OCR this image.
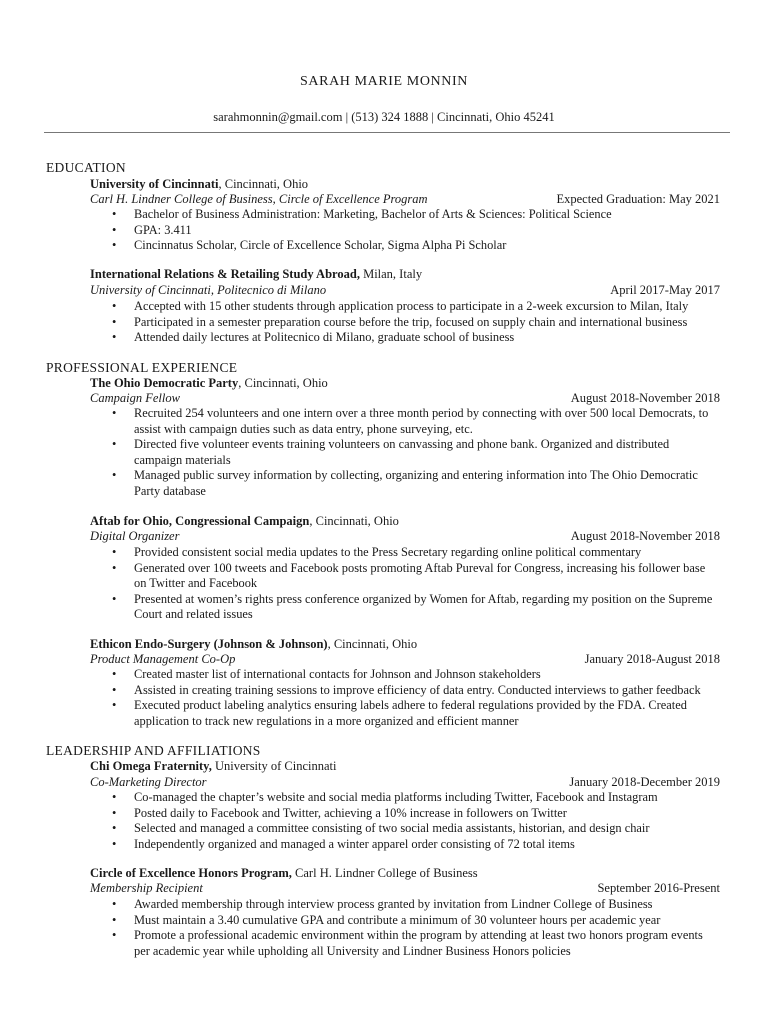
SARAH MARIE MONNIN
sarahmonnin@gmail.com | (513) 324 1888 | Cincinnati, Ohio 45241
EDUCATION
University of Cincinnati, Cincinnati, Ohio
Carl H. Lindner College of Business, Circle of Excellence Program	Expected Graduation: May 2021
• Bachelor of Business Administration: Marketing, Bachelor of Arts & Sciences: Political Science
• GPA: 3.411
• Cincinnatus Scholar, Circle of Excellence Scholar, Sigma Alpha Pi Scholar
International Relations & Retailing Study Abroad, Milan, Italy
University of Cincinnati, Politecnico di Milano	April 2017-May 2017
• Accepted with 15 other students through application process to participate in a 2-week excursion to Milan, Italy
• Participated in a semester preparation course before the trip, focused on supply chain and international business
• Attended daily lectures at Politecnico di Milano, graduate school of business
PROFESSIONAL EXPERIENCE
The Ohio Democratic Party, Cincinnati, Ohio
Campaign Fellow	August 2018-November 2018
• Recruited 254 volunteers and one intern over a three month period by connecting with over 500 local Democrats, to assist with campaign duties such as data entry, phone surveying, etc.
• Directed five volunteer events training volunteers on canvassing and phone bank. Organized and distributed campaign materials
• Managed public survey information by collecting, organizing and entering information into The Ohio Democratic Party database
Aftab for Ohio, Congressional Campaign, Cincinnati, Ohio
Digital Organizer	August 2018-November 2018
• Provided consistent social media updates to the Press Secretary regarding online political commentary
• Generated over 100 tweets and Facebook posts promoting Aftab Pureval for Congress, increasing his follower base on Twitter and Facebook
• Presented at women’s rights press conference organized by Women for Aftab, regarding my position on the Supreme Court and related issues
Ethicon Endo-Surgery (Johnson & Johnson), Cincinnati, Ohio
Product Management Co-Op	January 2018-August 2018
• Created master list of international contacts for Johnson and Johnson stakeholders
• Assisted in creating training sessions to improve efficiency of data entry. Conducted interviews to gather feedback
• Executed product labeling analytics ensuring labels adhere to federal regulations provided by the FDA. Created application to track new regulations in a more organized and efficient manner
LEADERSHIP AND AFFILIATIONS
Chi Omega Fraternity, University of Cincinnati
Co-Marketing Director	January 2018-December 2019
• Co-managed the chapter’s website and social media platforms including Twitter, Facebook and Instagram
• Posted daily to Facebook and Twitter, achieving a 10% increase in followers on Twitter
• Selected and managed a committee consisting of two social media assistants, historian, and design chair
• Independently organized and managed a winter apparel order consisting of 72 total items
Circle of Excellence Honors Program, Carl H. Lindner College of Business
Membership Recipient	September 2016-Present
• Awarded membership through interview process granted by invitation from Lindner College of Business
• Must maintain a 3.40 cumulative GPA and contribute a minimum of 30 volunteer hours per academic year
• Promote a professional academic environment within the program by attending at least two honors program events per academic year while upholding all University and Lindner Business Honors policies
